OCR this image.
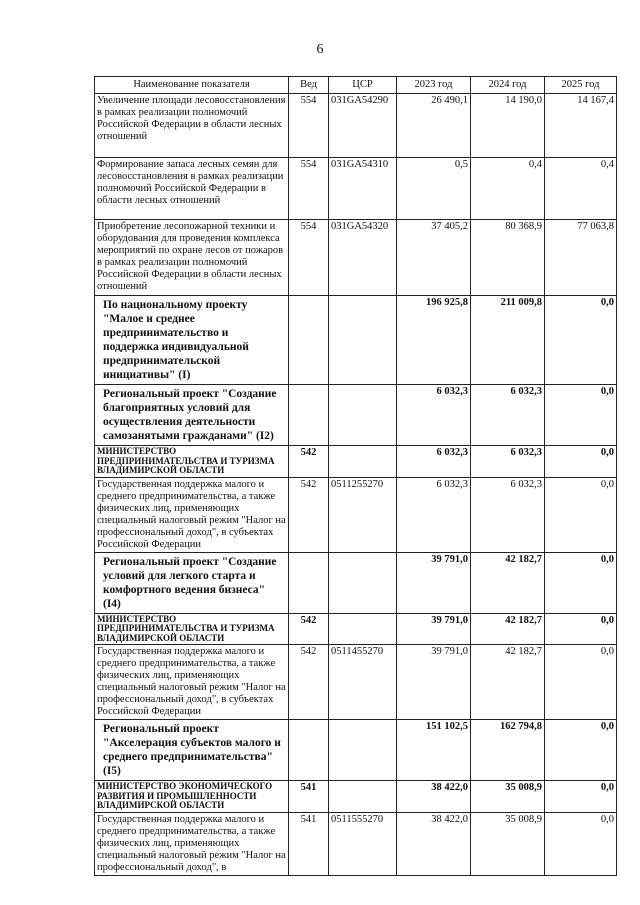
6
Наименование показателя	Вед	ЦСР	2023 год	2024 год	2025 год
Увеличение площади лесовосстановления в рамках реализации полномочий Российской Федерации в области лесных отношений	554	031GA54290	26 490,1	14 190,0	14 167,4
Формирование запаса лесных семян для лесовосстановления в рамках реализации полномочий Российской Федерации в области лесных отношений	554	031GA54310	0,5	0,4	0,4
Приобретение лесопожарной техники и оборудования для проведения комплекса мероприятий по охране лесов от пожаров в рамках реализации полномочий Российской Федерации в области лесных отношений	554	031GA54320	37 405,2	80 368,9	77 063,8
По национальному проекту "Малое и среднее предпринимательство и поддержка индивидуальной предпринимательской инициативы" (I)			196 925,8	211 009,8	0,0
Региональный проект "Создание благоприятных условий для осуществления деятельности самозанятыми гражданами" (I2)			6 032,3	6 032,3	0,0
МИНИСТЕРСТВО ПРЕДПРИНИМАТЕЛЬСТВА И ТУРИЗМА ВЛАДИМИРСКОЙ ОБЛАСТИ	542		6 032,3	6 032,3	0,0
Государственная поддержка малого и среднего предпринимательства, а также физических лиц, применяющих специальный налоговый режим "Налог на профессиональный доход", в субъектах Российской Федерации	542	0511255270	6 032,3	6 032,3	0,0
Региональный проект "Создание условий для легкого старта и комфортного ведения бизнеса" (I4)			39 791,0	42 182,7	0,0
МИНИСТЕРСТВО ПРЕДПРИНИМАТЕЛЬСТВА И ТУРИЗМА ВЛАДИМИРСКОЙ ОБЛАСТИ	542		39 791,0	42 182,7	0,0
Государственная поддержка малого и среднего предпринимательства, а также физических лиц, применяющих специальный налоговый режим "Налог на профессиональный доход", в субъектах Российской Федерации	542	0511455270	39 791,0	42 182,7	0,0
Региональный проект "Акселерация субъектов малого и среднего предпринимательства" (I5)			151 102,5	162 794,8	0,0
МИНИСТЕРСТВО ЭКОНОМИЧЕСКОГО РАЗВИТИЯ И ПРОМЫШЛЕННОСТИ ВЛАДИМИРСКОЙ ОБЛАСТИ	541		38 422,0	35 008,9	0,0
Государственная поддержка малого и среднего предпринимательства, а также физических лиц, применяющих специальный налоговый режим "Налог на профессиональный доход", в	541	0511555270	38 422,0	35 008,9	0,0
